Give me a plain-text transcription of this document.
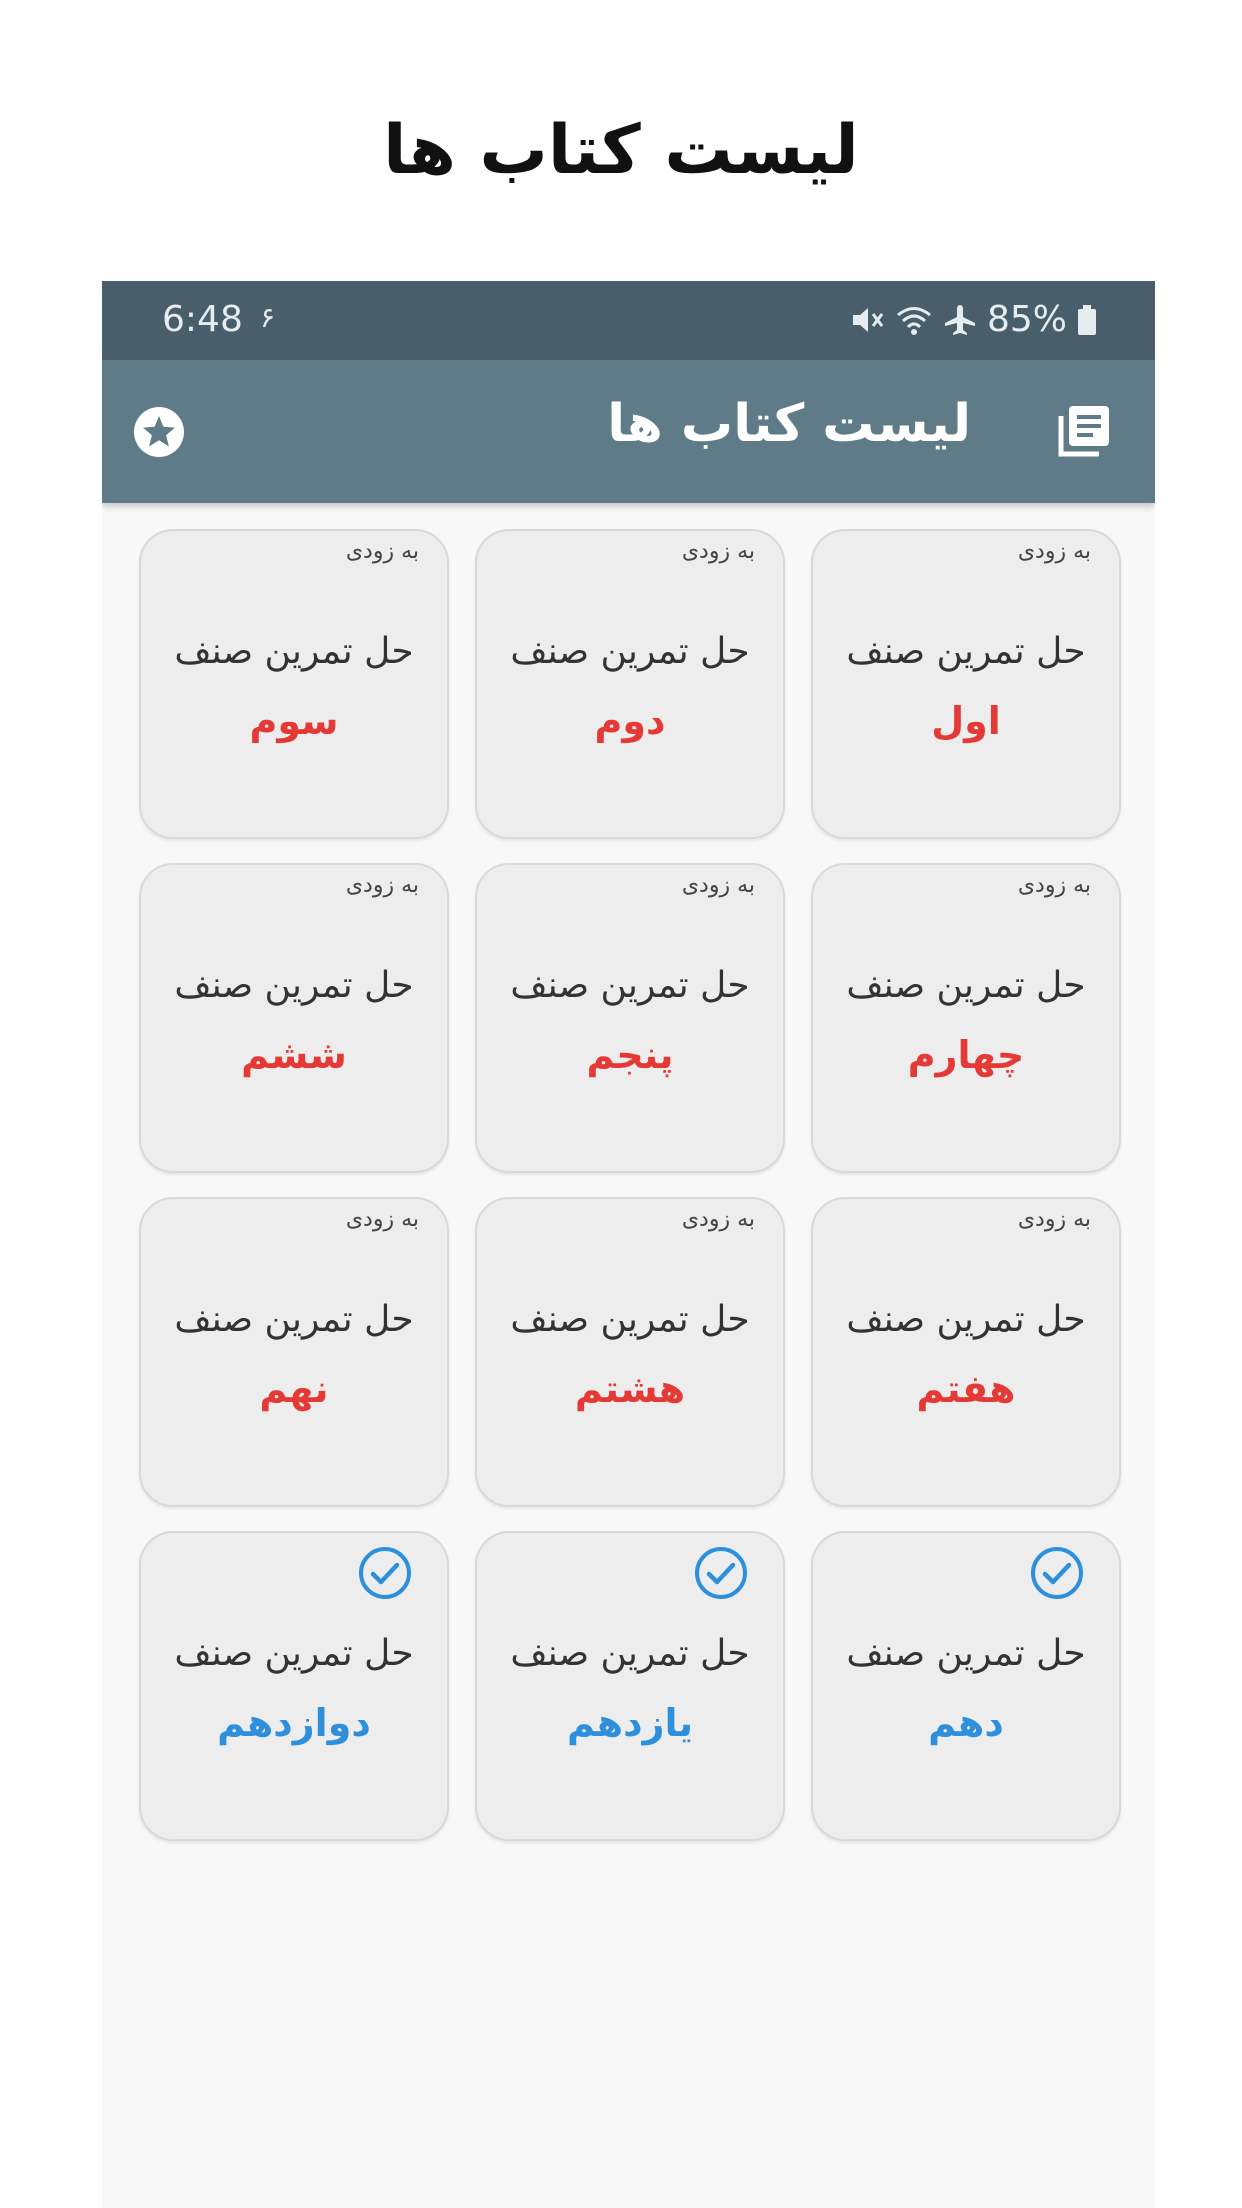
لیست کتاب ها
6:48 ۶	85%
لیست کتاب ها
به زودی
حل تمرین صنف
اول
به زودی
حل تمرین صنف
دوم
به زودی
حل تمرین صنف
سوم
به زودی
حل تمرین صنف
چهارم
به زودی
حل تمرین صنف
پنجم
به زودی
حل تمرین صنف
ششم
به زودی
حل تمرین صنف
هفتم
به زودی
حل تمرین صنف
هشتم
به زودی
حل تمرین صنف
نهم
حل تمرین صنف
دهم
حل تمرین صنف
یازدهم
حل تمرین صنف
دوازدهم
